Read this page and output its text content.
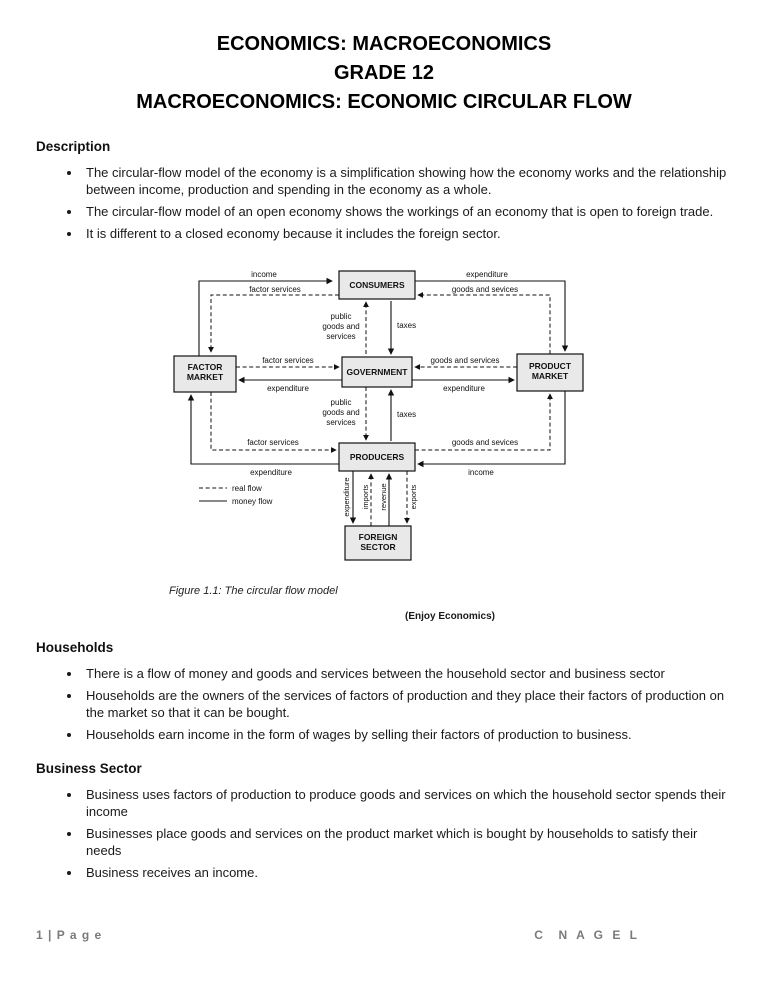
ECONOMICS: MACROECONOMICS
GRADE 12
MACROECONOMICS: ECONOMIC CIRCULAR FLOW
Description
• The circular-flow model of the economy is a simplification showing how the economy works and the relationship between income, production and spending in the economy as a whole.
• The circular-flow model of an open economy shows the workings of an economy that is open to foreign trade.
• It is different to a closed economy because it includes the foreign sector.
CONSUMERS
FACTOR
MARKET	GOVERNMENT
PRODUCT
MARKET
PRODUCERS
FOREIGN
SECTOR
income
factor services
expenditure
goods and sevices
public
goods and
services
taxes
factor services
expenditure
goods and services
expenditure
public
goods and
services
taxes
factor services
expenditure
goods and sevices
income
real flow
money flow	expenditure imports revenue	exports
Figure 1.1: The circular flow model
(Enjoy Economics)
Households
• There is a flow of money and goods and services between the household sector and business sector
• Households are the owners of the services of factors of production and they place their factors of production on the market so that it can be bought.
• Households earn income in the form of wages by selling their factors of production to business.
Business Sector
• Business uses factors of production to produce goods and services on which the household sector spends their income
• Businesses place goods and services on the product market which is bought by households to satisfy their needs
• Business receives an income.
1 | P a g e	C  N A G E L
